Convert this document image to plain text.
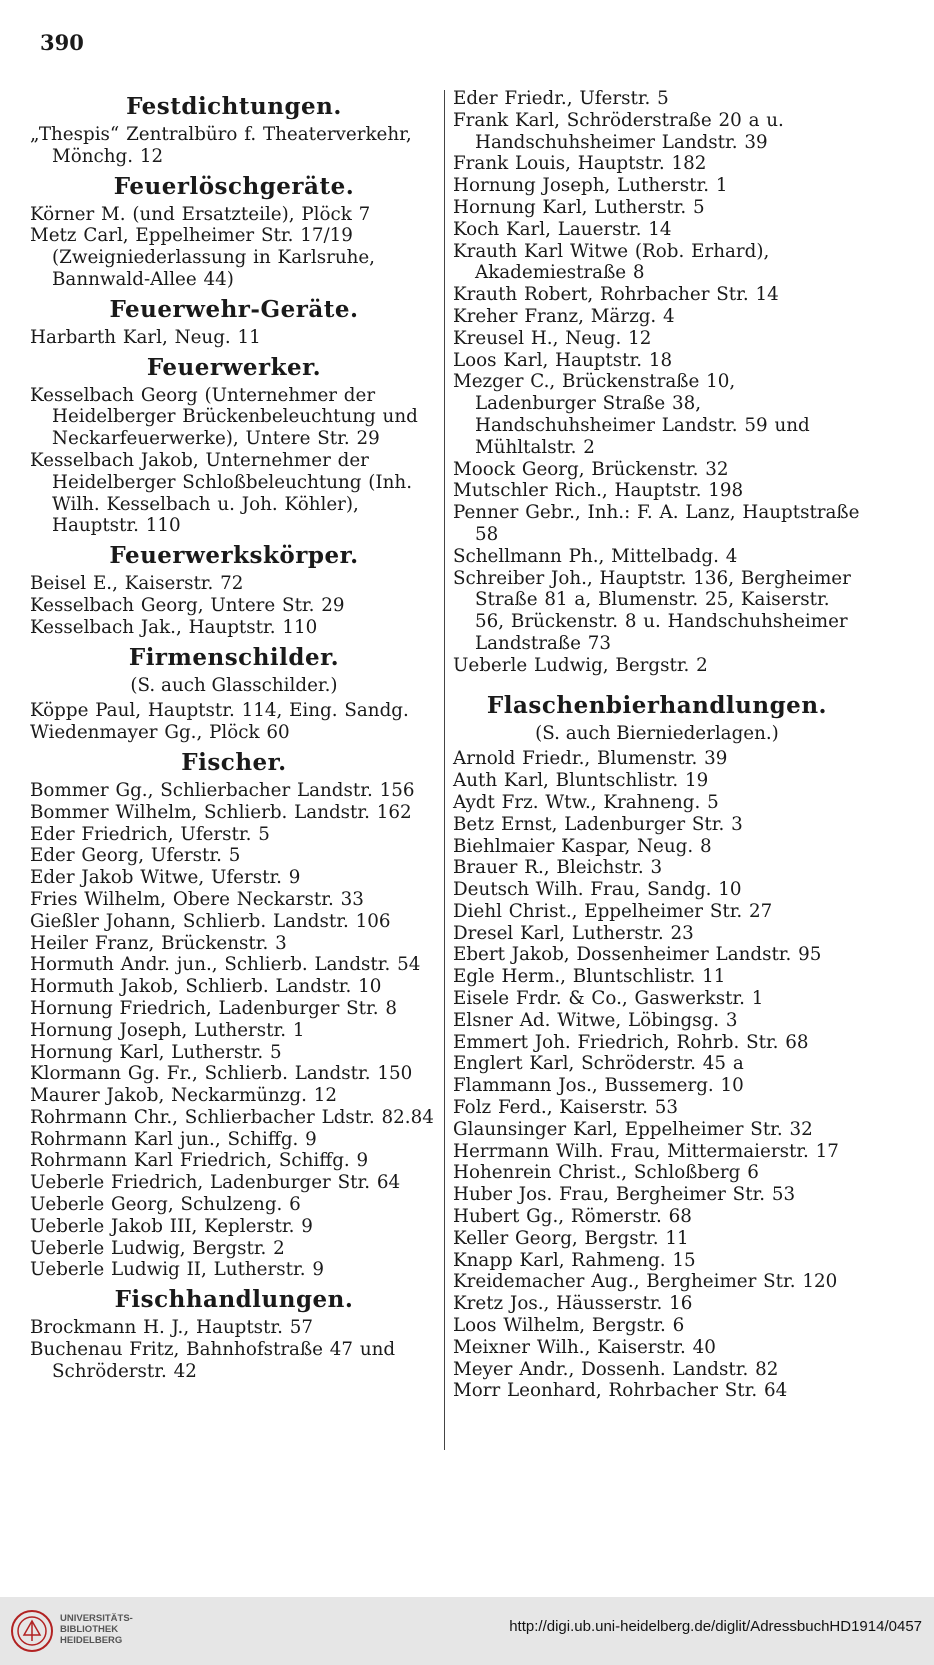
390
Festdichtungen.
„Thespis“ Zentralbüro f. Theaterverkehr, Mönchg. 12
Feuerlöschgeräte.
Körner M. (und Ersatzteile), Plöck 7
Metz Carl, Eppelheimer Str. 17/19 (Zweigniederlassung in Karlsruhe, Bannwald-Allee 44)
Feuerwehr-Geräte.
Harbarth Karl, Neug. 11
Feuerwerker.
Kesselbach Georg (Unternehmer der Heidelberger Brückenbeleuchtung und Neckarfeuerwerke), Untere Str. 29
Kesselbach Jakob, Unternehmer der Heidelberger Schloßbeleuchtung (Inh. Wilh. Kesselbach u. Joh. Köhler), Hauptstr. 110
Feuerwerkskörper.
Beisel E., Kaiserstr. 72
Kesselbach Georg, Untere Str. 29
Kesselbach Jak., Hauptstr. 110
Firmenschilder.
(S. auch Glasschilder.)
Köppe Paul, Hauptstr. 114, Eing. Sandg.
Wiedenmayer Gg., Plöck 60
Fischer.
Bommer Gg., Schlierbacher Landstr. 156
Bommer Wilhelm, Schlierb. Landstr. 162
Eder Friedrich, Uferstr. 5
Eder Georg, Uferstr. 5
Eder Jakob Witwe, Uferstr. 9
Fries Wilhelm, Obere Neckarstr. 33
Gießler Johann, Schlierb. Landstr. 106
Heiler Franz, Brückenstr. 3
Hormuth Andr. jun., Schlierb. Landstr. 54
Hormuth Jakob, Schlierb. Landstr. 10
Hornung Friedrich, Ladenburger Str. 8
Hornung Joseph, Lutherstr. 1
Hornung Karl, Lutherstr. 5
Klormann Gg. Fr., Schlierb. Landstr. 150
Maurer Jakob, Neckarmünzg. 12
Rohrmann Chr., Schlierbacher Ldstr. 82.84
Rohrmann Karl jun., Schiffg. 9
Rohrmann Karl Friedrich, Schiffg. 9
Ueberle Friedrich, Ladenburger Str. 64
Ueberle Georg, Schulzeng. 6
Ueberle Jakob III, Keplerstr. 9
Ueberle Ludwig, Bergstr. 2
Ueberle Ludwig II, Lutherstr. 9
Fischhandlungen.
Brockmann H. J., Hauptstr. 57
Buchenau Fritz, Bahnhofstraße 47 und Schröderstr. 42
Eder Friedr., Uferstr. 5
Frank Karl, Schröderstraße 20 a u. Handschuhsheimer Landstr. 39
Frank Louis, Hauptstr. 182
Hornung Joseph, Lutherstr. 1
Hornung Karl, Lutherstr. 5
Koch Karl, Lauerstr. 14
Krauth Karl Witwe (Rob. Erhard), Akademiestraße 8
Krauth Robert, Rohrbacher Str. 14
Kreher Franz, Märzg. 4
Kreusel H., Neug. 12
Loos Karl, Hauptstr. 18
Mezger C., Brückenstraße 10, Ladenburger Straße 38, Handschuhsheimer Landstr. 59 und Mühltalstr. 2
Moock Georg, Brückenstr. 32
Mutschler Rich., Hauptstr. 198
Penner Gebr., Inh.: F. A. Lanz, Hauptstraße 58
Schellmann Ph., Mittelbadg. 4
Schreiber Joh., Hauptstr. 136, Bergheimer Straße 81 a, Blumenstr. 25, Kaiserstr. 56, Brückenstr. 8 u. Handschuhsheimer Landstraße 73
Ueberle Ludwig, Bergstr. 2
Flaschenbierhandlungen.
(S. auch Bierniederlagen.)
Arnold Friedr., Blumenstr. 39
Auth Karl, Bluntschlistr. 19
Aydt Frz. Wtw., Krahneng. 5
Betz Ernst, Ladenburger Str. 3
Biehlmaier Kaspar, Neug. 8
Brauer R., Bleichstr. 3
Deutsch Wilh. Frau, Sandg. 10
Diehl Christ., Eppelheimer Str. 27
Dresel Karl, Lutherstr. 23
Ebert Jakob, Dossenheimer Landstr. 95
Egle Herm., Bluntschlistr. 11
Eisele Frdr. & Co., Gaswerkstr. 1
Elsner Ad. Witwe, Löbingsg. 3
Emmert Joh. Friedrich, Rohrb. Str. 68
Englert Karl, Schröderstr. 45 a
Flammann Jos., Bussemerg. 10
Folz Ferd., Kaiserstr. 53
Glaunsinger Karl, Eppelheimer Str. 32
Herrmann Wilh. Frau, Mittermaierstr. 17
Hohenrein Christ., Schloßberg 6
Huber Jos. Frau, Bergheimer Str. 53
Hubert Gg., Römerstr. 68
Keller Georg, Bergstr. 11
Knapp Karl, Rahmeng. 15
Kreidemacher Aug., Bergheimer Str. 120
Kretz Jos., Häusserstr. 16
Loos Wilhelm, Bergstr. 6
Meixner Wilh., Kaiserstr. 40
Meyer Andr., Dossenh. Landstr. 82
Morr Leonhard, Rohrbacher Str. 64
UNIVERSITÄTS-
BIBLIOTHEK
HEIDELBERG
http://digi.ub.uni-heidelberg.de/diglit/AdressbuchHD1914/0457
